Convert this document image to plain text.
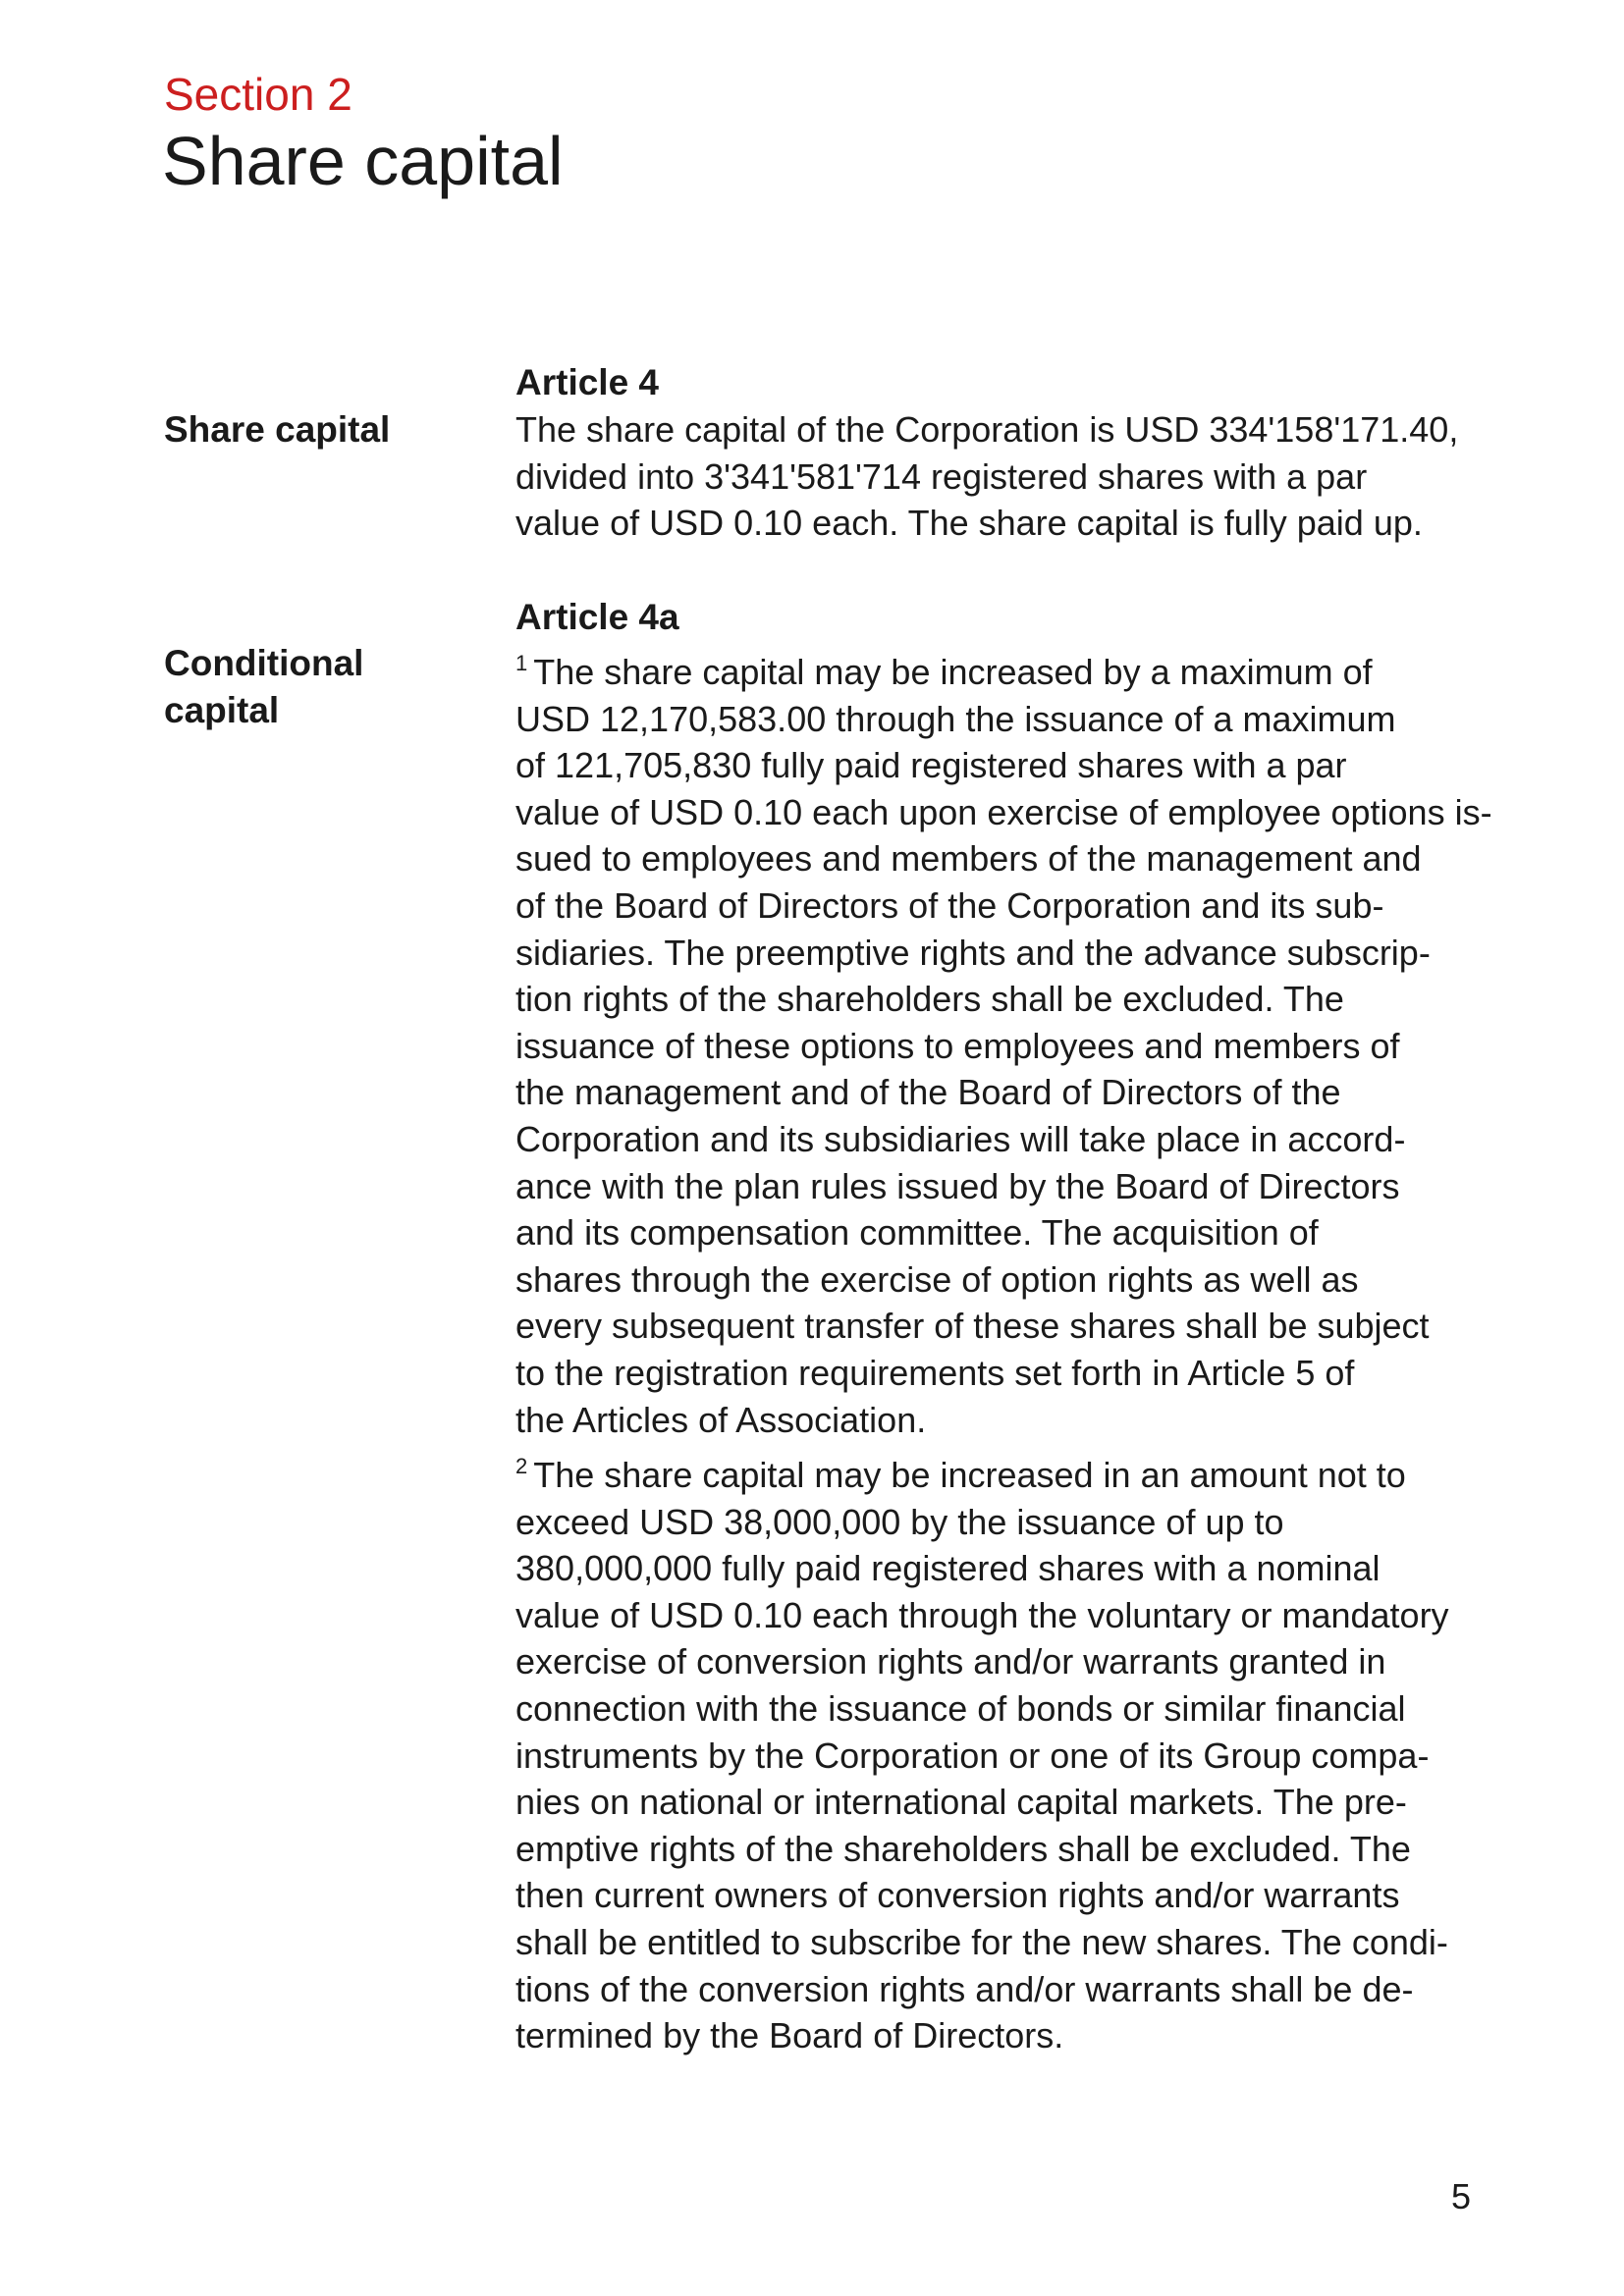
Section 2
Share capital
Article 4
Share capital	The share capital of the Corporation is USD 334'158'171.40,
divided into 3'341'581'714 registered shares with a par
value of USD 0.10 each. The share capital is fully paid up.
Article 4a
Conditional
capital

$^1$ The share capital may be increased by a maximum of
USD 12,170,583.00 through the issuance of a maximum
of 121,705,830 fully paid registered shares with a par
value of USD 0.10 each upon exercise of employee options is-
sued to employees and members of the management and
of the Board of Directors of the Corporation and its sub-
sidiaries. The preemptive rights and the advance subscrip-
tion rights of the shareholders shall be excluded. The
issuance of these options to employees and members of
the management and of the Board of Directors of the
Corporation and its subsidiaries will take place in accord-
ance with the plan rules issued by the Board of Directors
and its compensation committee. The acquisition of
shares through the exercise of option rights as well as
every subsequent transfer of these shares shall be subject
to the registration requirements set forth in Article 5 of
the Articles of Association.

$^2$ The share capital may be increased in an amount not to
exceed USD 38,000,000 by the issuance of up to
380,000,000 fully paid registered shares with a nominal
value of USD 0.10 each through the voluntary or mandatory
exercise of conversion rights and/or warrants granted in
connection with the issuance of bonds or similar financial
instruments by the Corporation or one of its Group compa-
nies on national or international capital markets. The pre-
emptive rights of the shareholders shall be excluded. The
then current owners of conversion rights and/or warrants
shall be entitled to subscribe for the new shares. The condi-
tions of the conversion rights and/or warrants shall be de-
termined by the Board of Directors.

5
